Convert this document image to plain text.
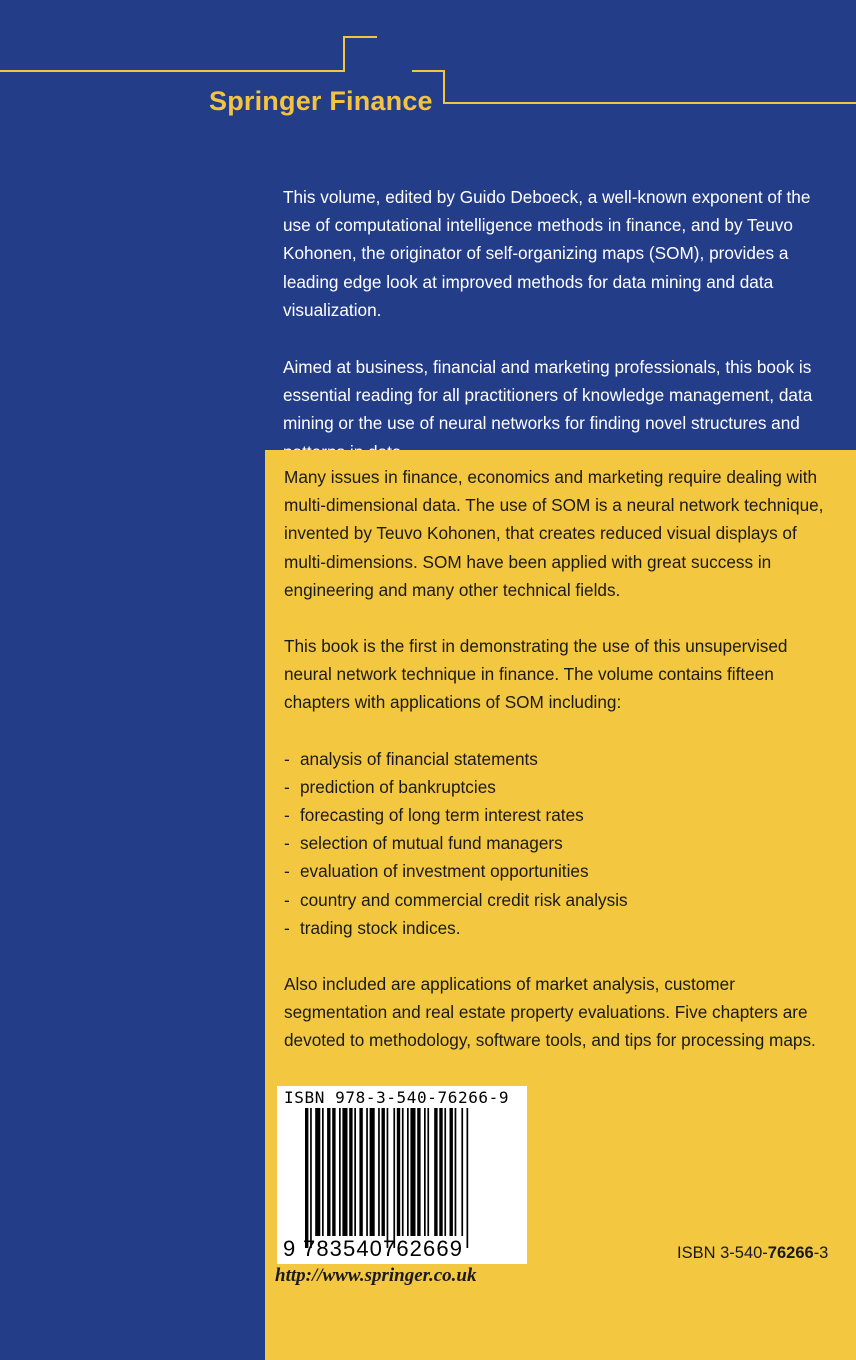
Springer Finance

This volume, edited by Guido Deboeck, a well-known exponent of the use of computational intelligence methods in finance, and by Teuvo Kohonen, the originator of self-organizing maps (SOM), provides a leading edge look at improved methods for data mining and data visualization.

Aimed at business, financial and marketing professionals, this book is essential reading for all practitioners of knowledge management, data mining or the use of neural networks for finding novel structures and

Many issues in finance, economics and marketing require dealing with multi-dimensional data. The use of SOM is a neural network technique, invented by Teuvo Kohonen, that creates reduced visual displays of multi-dimensions. SOM have been applied with great success in engineering and many other technical fields.

This book is the first in demonstrating the use of this unsupervised neural network technique in finance. The volume contains fifteen chapters with applications of SOM including:

- analysis of financial statements
- prediction of bankruptcies
- forecasting of long term interest rates
- selection of mutual fund managers
- evaluation of investment opportunities
- country and commercial credit risk analysis
- trading stock indices.

Also included are applications of market analysis, customer segmentation and real estate property evaluations. Five chapters are devoted to methodology, software tools, and tips for processing maps.

ISBN 978-3-540-76266-9
9 783540762669
http://www.springer.co.uk
ISBN 3-540-76266-3
